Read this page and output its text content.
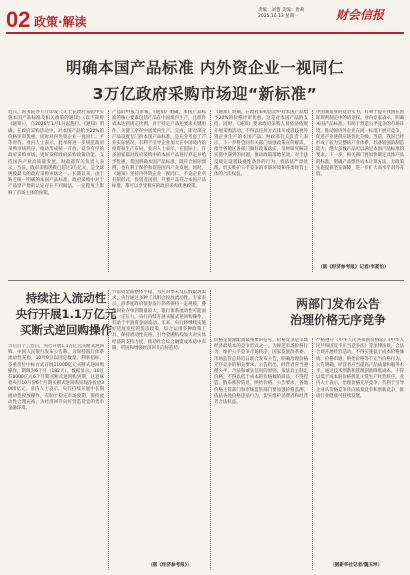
02 政策·解读
责编：刘哲 美编：唐莉
2025.10.13 星期一	财会信报
明确本国产品标准 内外资企业一视同仁
3万亿政府采购市场迎“新标准”
近日，国务院办公厅印发《关于在政府采购中实施本国产品标准及相关政策的通知》（以下简称《通知》），自2026年1月1日起施行。《通知》明确，在政府采购活动中，对本国产品给予20%的价格评审优惠，同时对内外资企业一视同仁、平等对待。业内人士表示，此举将进一步规范政府采购市场秩序，推动形成统一开放、竞争有序的政府采购市场，更好发挥政府采购政策功能，支持国内产业高质量发展。财政部有关负责人表示，当前，政府采购规模已超过3万亿元，是全球规模最大的政府采购市场之一。长期以来，由于缺乏统一明确的本国产品标准，政府采购中对于产品原产地的认定存在不同做法，一定程度上影响了市场主体的预期。
产品的申报与审核。《通知》明确，本国产品标准的核心要素包括产品在中国境内生产，且组件成本达到规定比例，对于特定产品还要求关键组件、关键工序在中国境内生产。完成，即对部分产品设置专门的本国产品标准，是充分考虑了产业实际情况，有利于引导企业加大在中国境内的投资和生产布局。业内人士表示，在国际上，许多国家都对政府采购中的本国产品进行界定并给予优惠，我国明确本国产品标准，既符合国际惯例，也有利于保护和促进国内产业发展。同时，《通知》坚持内外资企业一视同仁，不论企业所有制形式、投资者国别，只要产品符合本国产品标准，都可以享受相应的政府采购优惠政策。
《通知》明确，在政府采购活动中对本国产品给予20%的价格评审优惠，这是对本国产品的支持。同时，《通知》要求政府采购人员依法依规开展采购活动，不得以任何方式排斥或者歧视外资企业生产的本国产品。财政部有关负责人表示，下一步将会同有关部门加强政策宣传解读，指导各地区各部门做好政策落实，及时研究解决实施中遇到的问题，推动政策落地见效。对于违反规定设置歧视性条件的行为，将依法严肃处理，切实维护公平竞争的市场环境和各类经营主体的合法权益。
中国制造业的竞争实力，有利于提升我国在国际规则制定中的话语权。业内专家表示，明确本国产品标准，有助于营造公平竞争的市场环境，推动国内外企业在同一标准下展开竞争，促进产业链供应链优化升级。当前，我国已经形成了较为完整的产业体系，具备较强的制造能力，绝大多数产品可以满足本国产品标准的要求。下一步，相关部门将加快制定具体产品的标准，明确产品组件成本计算方法，为政策实施提供坚实保障，进一步扩大高水平对外开放。
（据《经济参考报》记者/韦夏怡）
持续注入流动性
央行开展1.1万亿元
买断式逆回购操作
节后首个工作日，央行开展1.1万亿元买断式逆回购。中国人民银行发布公告称，为保持银行体系流动性充裕，10月9日以固定数量、利率招标、多重价位中标方式开展11000亿元买断式逆回购操作，期限为6个月（182天）。数据显示，10月有8000亿元6个月期买断式逆回购到期，这意味着央行10月份6个月期买断式逆回购实现净投放3000亿元。业内人士表示，央行持续开展中长期流动性投放操作，有助于稳定市场预期，保持流动性合理充裕，为经济回升向好营造适宜的货币金融环境。
节前资金面整体平稳，为应对季末及长假取现需求，央行通过多种工具组合投放流动性。专家表示，四季度政府债券发行仍将保持一定规模，叠加同业存单到期量较大，银行体系流动性可能面临一定压力，央行持续开展买断式逆回购操作，有助于平滑资金面波动。未来，央行将继续实施好适度宽松的货币政策，综合运用多种政策工具，保持流动性充裕，引导金融机构加大对实体经济的支持力度，推动社会综合融资成本稳中有降，巩固和增强经济回升向好态势。
（据《经济参考报》）
两部门发布公告
治理价格无序竞争
价格是资源配置最重要的信号，价格竞争是市场经济最基本的竞争形式之一。为规范市场价格行为，维护公平竞争市场秩序，国家发展改革委、市场监管总局近日联合发布公告，明确治理价格无序竞争的相关要求。公告指出，经营者应当遵循公平、合法和诚实信用的原则，依法自主制定价格，不得以低于成本的价格倾销商品，不得捏造、散布涨价信息，哄抬价格。公告要求，各地价格主管部门和市场监管部门要加强价格监测，依法查处价格违法行为，切实维护消费者和经营者合法权益。
严格遵守《中华人民共和国价格法》《中华人民共和国反不正当竞争法》等法律法规，合法合规开展经营活动，不得实施低于成本价格倾销、价格串通、哄抬价格等不正当价格行为。公告明确，经营者应当提高产品质量和服务水平，通过技术创新和管理创新降低成本，不得以低于成本的价格扰乱正常生产经营秩序。业内人士表示，治理价格无序竞争，有利于引导企业从价格竞争转向质量竞争和创新竞争，推动行业健康可持续发展。
（据新华社记者/魏玉坤）
